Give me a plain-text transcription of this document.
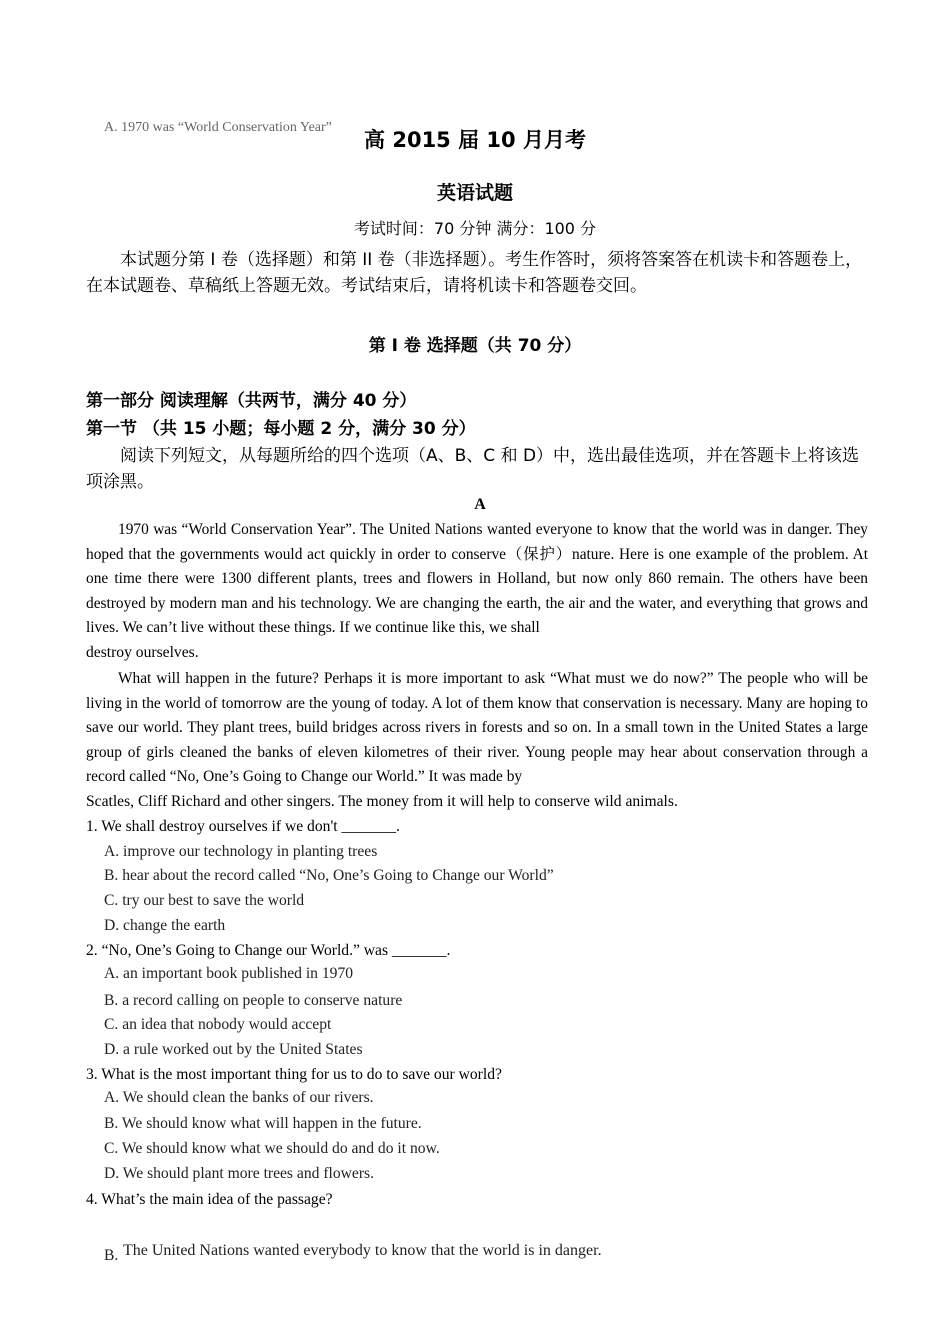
A. 1970 was “World Conservation Year”
高 2015 届 10 月月考
英语试题
考试时间：70 分钟 满分：100 分
本试题分第 I 卷（选择题）和第 II 卷（非选择题）。考生作答时，须将答案答在机读卡和答题卷上，在本试题卷、草稿纸上答题无效。考试结束后，请将机读卡和答题卷交回。
第 I 卷 选择题（共 70 分）
第一部分 阅读理解（共两节，满分 40 分）
第一节 （共 15 小题；每小题 2 分，满分 30 分）
阅读下列短文，从每题所给的四个选项（A、B、C 和 D）中，选出最佳选项，并在答题卡上将该选项涂黑。
A
1970 was “World Conservation Year”. The United Nations wanted everyone to know that the world was in danger. They hoped that the governments would act quickly in order to conserve（保护）nature. Here is one example of the problem. At one time there were 1300 different plants, trees and flowers in Holland, but now only 860 remain. The others have been destroyed by modern man and his technology. We are changing the earth, the air and the water, and everything that grows and lives. We can’t live without these things. If we continue like this, we shall
destroy ourselves.
What will happen in the future? Perhaps it is more important to ask “What must we do now?” The people who will be living in the world of tomorrow are the young of today. A lot of them know that conservation is necessary. Many are hoping to save our world. They plant trees, build bridges across rivers in forests and so on. In a small town in the United States a large group of girls cleaned the banks of eleven kilometres of their river. Young people may hear about conservation through a record called “No, One’s Going to Change our World.” It was made by
Scatles, Cliff Richard and other singers. The money from it will help to conserve wild animals.
1. We shall destroy ourselves if we don't _______.
A. improve our technology in planting trees
B. hear about the record called “No, One’s Going to Change our World”
C. try our best to save the world
D. change the earth
2. “No, One’s Going to Change our World.” was _______.
A. an important book published in 1970
B. a record calling on people to conserve nature
C. an idea that nobody would accept
D. a rule worked out by the United States
3. What is the most important thing for us to do to save our world?
A. We should clean the banks of our rivers.
B. We should know what will happen in the future.
C. We should know what we should do and do it now.
D. We should plant more trees and flowers.
4. What’s the main idea of the passage?
B. The United Nations wanted everybody to know that the world is in danger.
